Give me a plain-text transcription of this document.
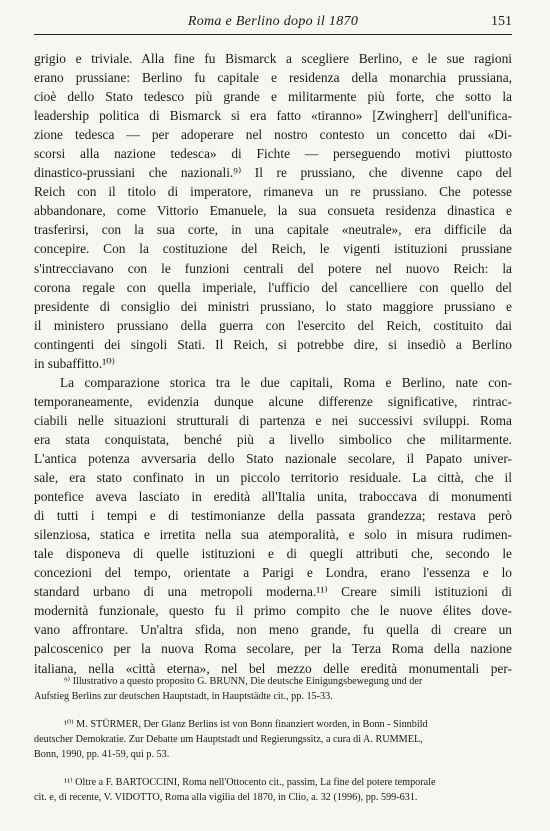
Roma e Berlino dopo il 1870	151
grigio e triviale. Alla fine fu Bismarck a scegliere Berlino, e le sue ragioni
erano prussiane: Berlino fu capitale e residenza della monarchia prussiana,
cioè dello Stato tedesco più grande e militarmente più forte, che sotto la
leadership politica di Bismarck si era fatto «tiranno» [Zwingherr] dell'unifica-
zione tedesca — per adoperare nel nostro contesto un concetto dai «Di-
scorsi alla nazione tedesca» di Fichte — perseguendo motivi piuttosto
dinastico-prussiani che nazionali.⁹⁾ Il re prussiano, che divenne capo del
Reich con il titolo di imperatore, rimaneva un re prussiano. Che potesse
abbandonare, come Vittorio Emanuele, la sua consueta residenza dinastica e
trasferirsi, con la sua corte, in una capitale «neutrale», era difficile da
concepire. Con la costituzione del Reich, le vigenti istituzioni prussiane
s'intrecciavano con le funzioni centrali del potere nel nuovo Reich: la
corona regale con quella imperiale, l'ufficio del cancelliere con quello del
presidente di consiglio dei ministri prussiano, lo stato maggiore prussiano e
il ministero prussiano della guerra con l'esercito del Reich, costituito dai
contingenti dei singoli Stati. Il Reich, si potrebbe dire, si insediò a Berlino
in subaffitto.¹⁰⁾
La comparazione storica tra le due capitali, Roma e Berlino, nate con-
temporaneamente, evidenzia dunque alcune differenze significative, rintrac-
ciabili nelle situazioni strutturali di partenza e nei successivi sviluppi. Roma
era stata conquistata, benché più a livello simbolico che militarmente.
L'antica potenza avversaria dello Stato nazionale secolare, il Papato univer-
sale, era stato confinato in un piccolo territorio residuale. La città, che il
pontefice aveva lasciato in eredità all'Italia unita, traboccava di monumenti
di tutti i tempi e di testimonianze della passata grandezza; restava però
silenziosa, statica e irretita nella sua atemporalità, e solo in misura rudimen-
tale disponeva di quelle istituzioni e di quegli attributi che, secondo le
concezioni del tempo, orientate a Parigi e Londra, erano l'essenza e lo
standard urbano di una metropoli moderna.¹¹⁾ Creare simili istituzioni di
modernità funzionale, questo fu il primo compito che le nuove élites dove-
vano affrontare. Un'altra sfida, non meno grande, fu quella di creare un
palcoscenico per la nuova Roma secolare, per la Terza Roma della nazione
italiana, nella «città eterna», nel bel mezzo delle eredità monumentali per-
⁹⁾ Illustrativo a questo proposito G. BRUNN, Die deutsche Einigungsbewegung und der
Aufstieg Berlins zur deutschen Hauptstadt, in Hauptstädte cit., pp. 15-33.
¹⁰⁾ M. STÜRMER, Der Glanz Berlins ist von Bonn finanziert worden, in Bonn - Sinnbild
deutscher Demokratie. Zur Debatte um Hauptstadt und Regierungssitz, a cura di A. RUMMEL,
Bonn, 1990, pp. 41-59, qui p. 53.
¹¹⁾ Oltre a F. BARTOCCINI, Roma nell'Ottocento cit., passim, La fine del potere temporale
cit. e, di recente, V. VIDOTTO, Roma alla vigilia del 1870, in Clio, a. 32 (1996), pp. 599-631.
